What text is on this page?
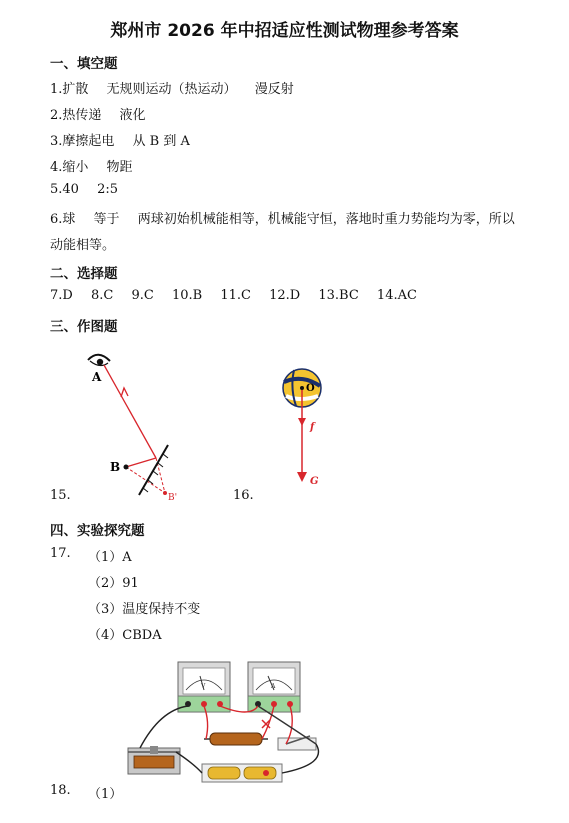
郑州市 2026 年中招适应性测试物理参考答案
一、填空题
1.扩散 无规则运动（热运动） 漫反射
2.热传递 液化
3.摩擦起电 从 B 到 A
4.缩小 物距
5.40 2:5
6.球 等于 两球初始机械能相等，机械能守恒，落地时重力势能均为零，所以
动能相等。
二、选择题
7.D 8.C 9.C 10.B 11.C 12.D 13.BC 14.AC
三、作图题
A
B
B'
15.
O
f
G
16.
四、实验探究题
17. （1）A
（2）91
（3）温度保持不变
（4）CBDA
V	A
18. （1）
